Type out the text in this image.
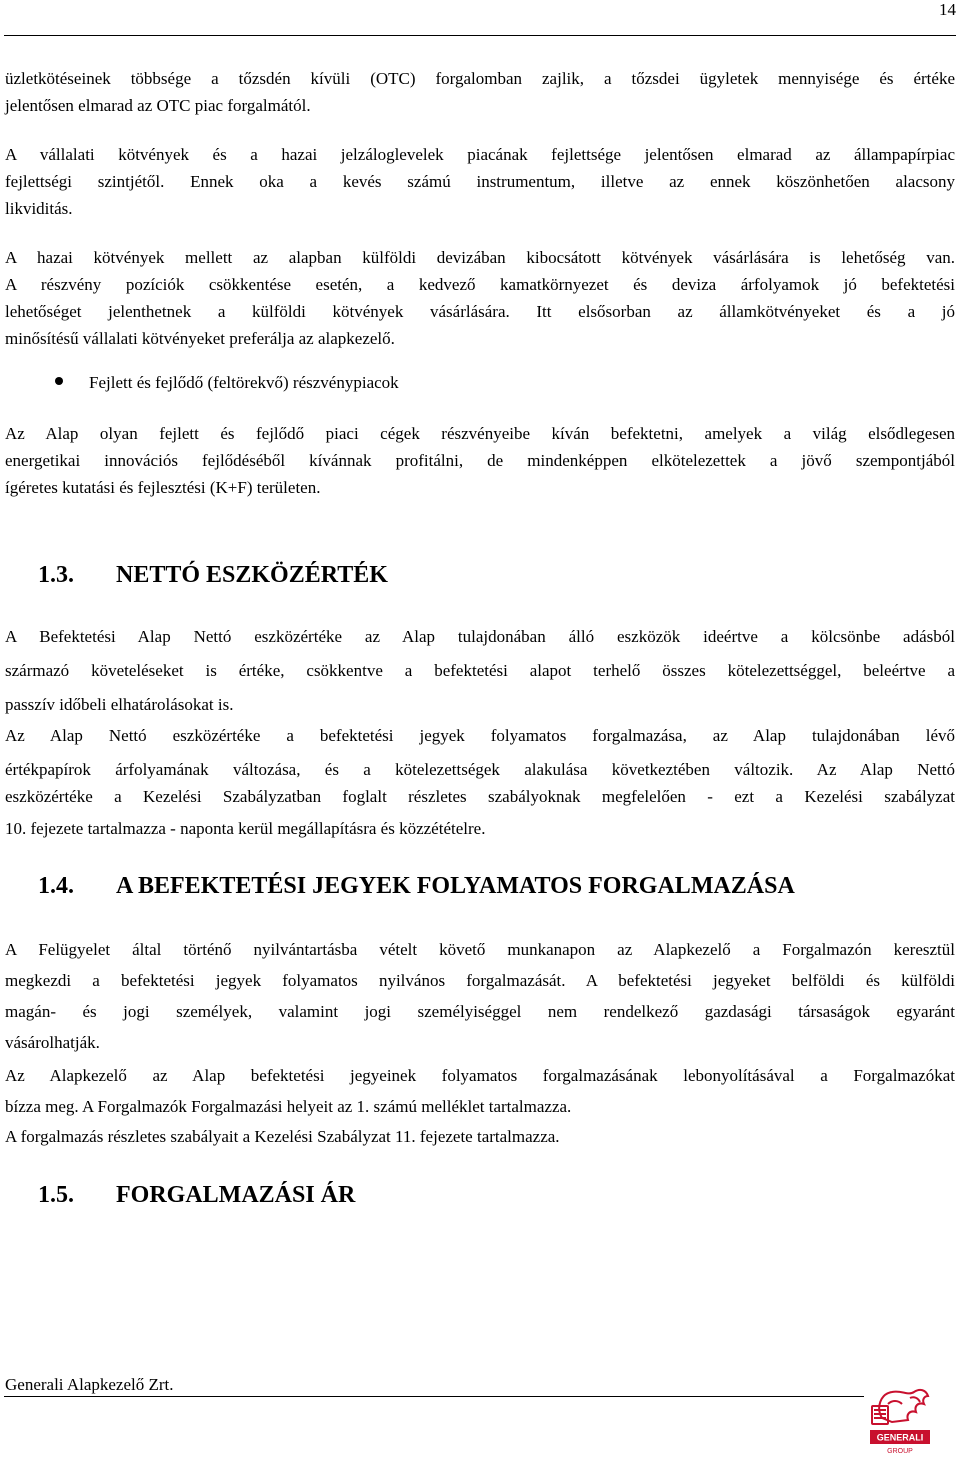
14

üzletkötéseinek többsége a tőzsdén kívüli (OTC) forgalomban zajlik, a tőzsdei ügyletek mennyisége és értéke

jelentősen elmarad az OTC piac forgalmától.

A vállalati kötvények és a hazai jelzáloglevelek piacának fejlettsége jelentősen elmarad az állampapírpiac

fejlettségi szintjétől. Ennek oka a kevés számú instrumentum, illetve az ennek köszönhetően alacsony

likviditás.

A hazai kötvények mellett az alapban külföldi devizában kibocsátott kötvények vásárlására is lehetőség van.

A részvény pozíciók csökkentése esetén, a kedvező kamatkörnyezet és deviza árfolyamok jó befektetési

lehetőséget jelenthetnek a külföldi kötvények vásárlására. Itt elsősorban az államkötvényeket és a jó

minősítésű vállalati kötvényeket preferálja az alapkezelő.

Fejlett és fejlődő (feltörekvő) részvénypiacok

Az Alap olyan fejlett és fejlődő piaci cégek részvényeibe kíván befektetni, amelyek a világ elsődlegesen

energetikai innovációs fejlődéséből kívánnak profitálni, de mindenképpen elkötelezettek a jövő szempontjából

ígéretes kutatási és fejlesztési (K+F) területen.

1.3. NETTÓ ESZKÖZÉRTÉK

A Befektetési Alap Nettó eszközértéke az Alap tulajdonában álló eszközök ideértve a kölcsönbe adásból

származó követeléseket is értéke, csökkentve a befektetési alapot terhelő összes kötelezettséggel, beleértve a

passzív időbeli elhatárolásokat is.

Az Alap Nettó eszközértéke a befektetési jegyek folyamatos forgalmazása, az Alap tulajdonában lévő

értékpapírok árfolyamának változása, és a kötelezettségek alakulása következtében változik. Az Alap Nettó

eszközértéke a Kezelési Szabályzatban foglalt részletes szabályoknak megfelelően - ezt a Kezelési szabályzat

10. fejezete tartalmazza - naponta kerül megállapításra és közzétételre.

1.4. A BEFEKTETÉSI JEGYEK FOLYAMATOS FORGALMAZÁSA

A Felügyelet által történő nyilvántartásba vételt követő munkanapon az Alapkezelő a Forgalmazón keresztül

megkezdi a befektetési jegyek folyamatos nyilvános forgalmazását. A befektetési jegyeket belföldi és külföldi

magán- és jogi személyek, valamint jogi személyiséggel nem rendelkező gazdasági társaságok egyaránt

vásárolhatják.

Az Alapkezelő az Alap befektetési jegyeinek folyamatos forgalmazásának lebonyolításával a Forgalmazókat

bízza meg. A Forgalmazók Forgalmazási helyeit az 1. számú melléklet tartalmazza.

A forgalmazás részletes szabályait a Kezelési Szabályzat 11. fejezete tartalmazza.

1.5. FORGALMAZÁSI ÁR
Generali Alapkezelő Zrt.
GENERALI
GROUP
